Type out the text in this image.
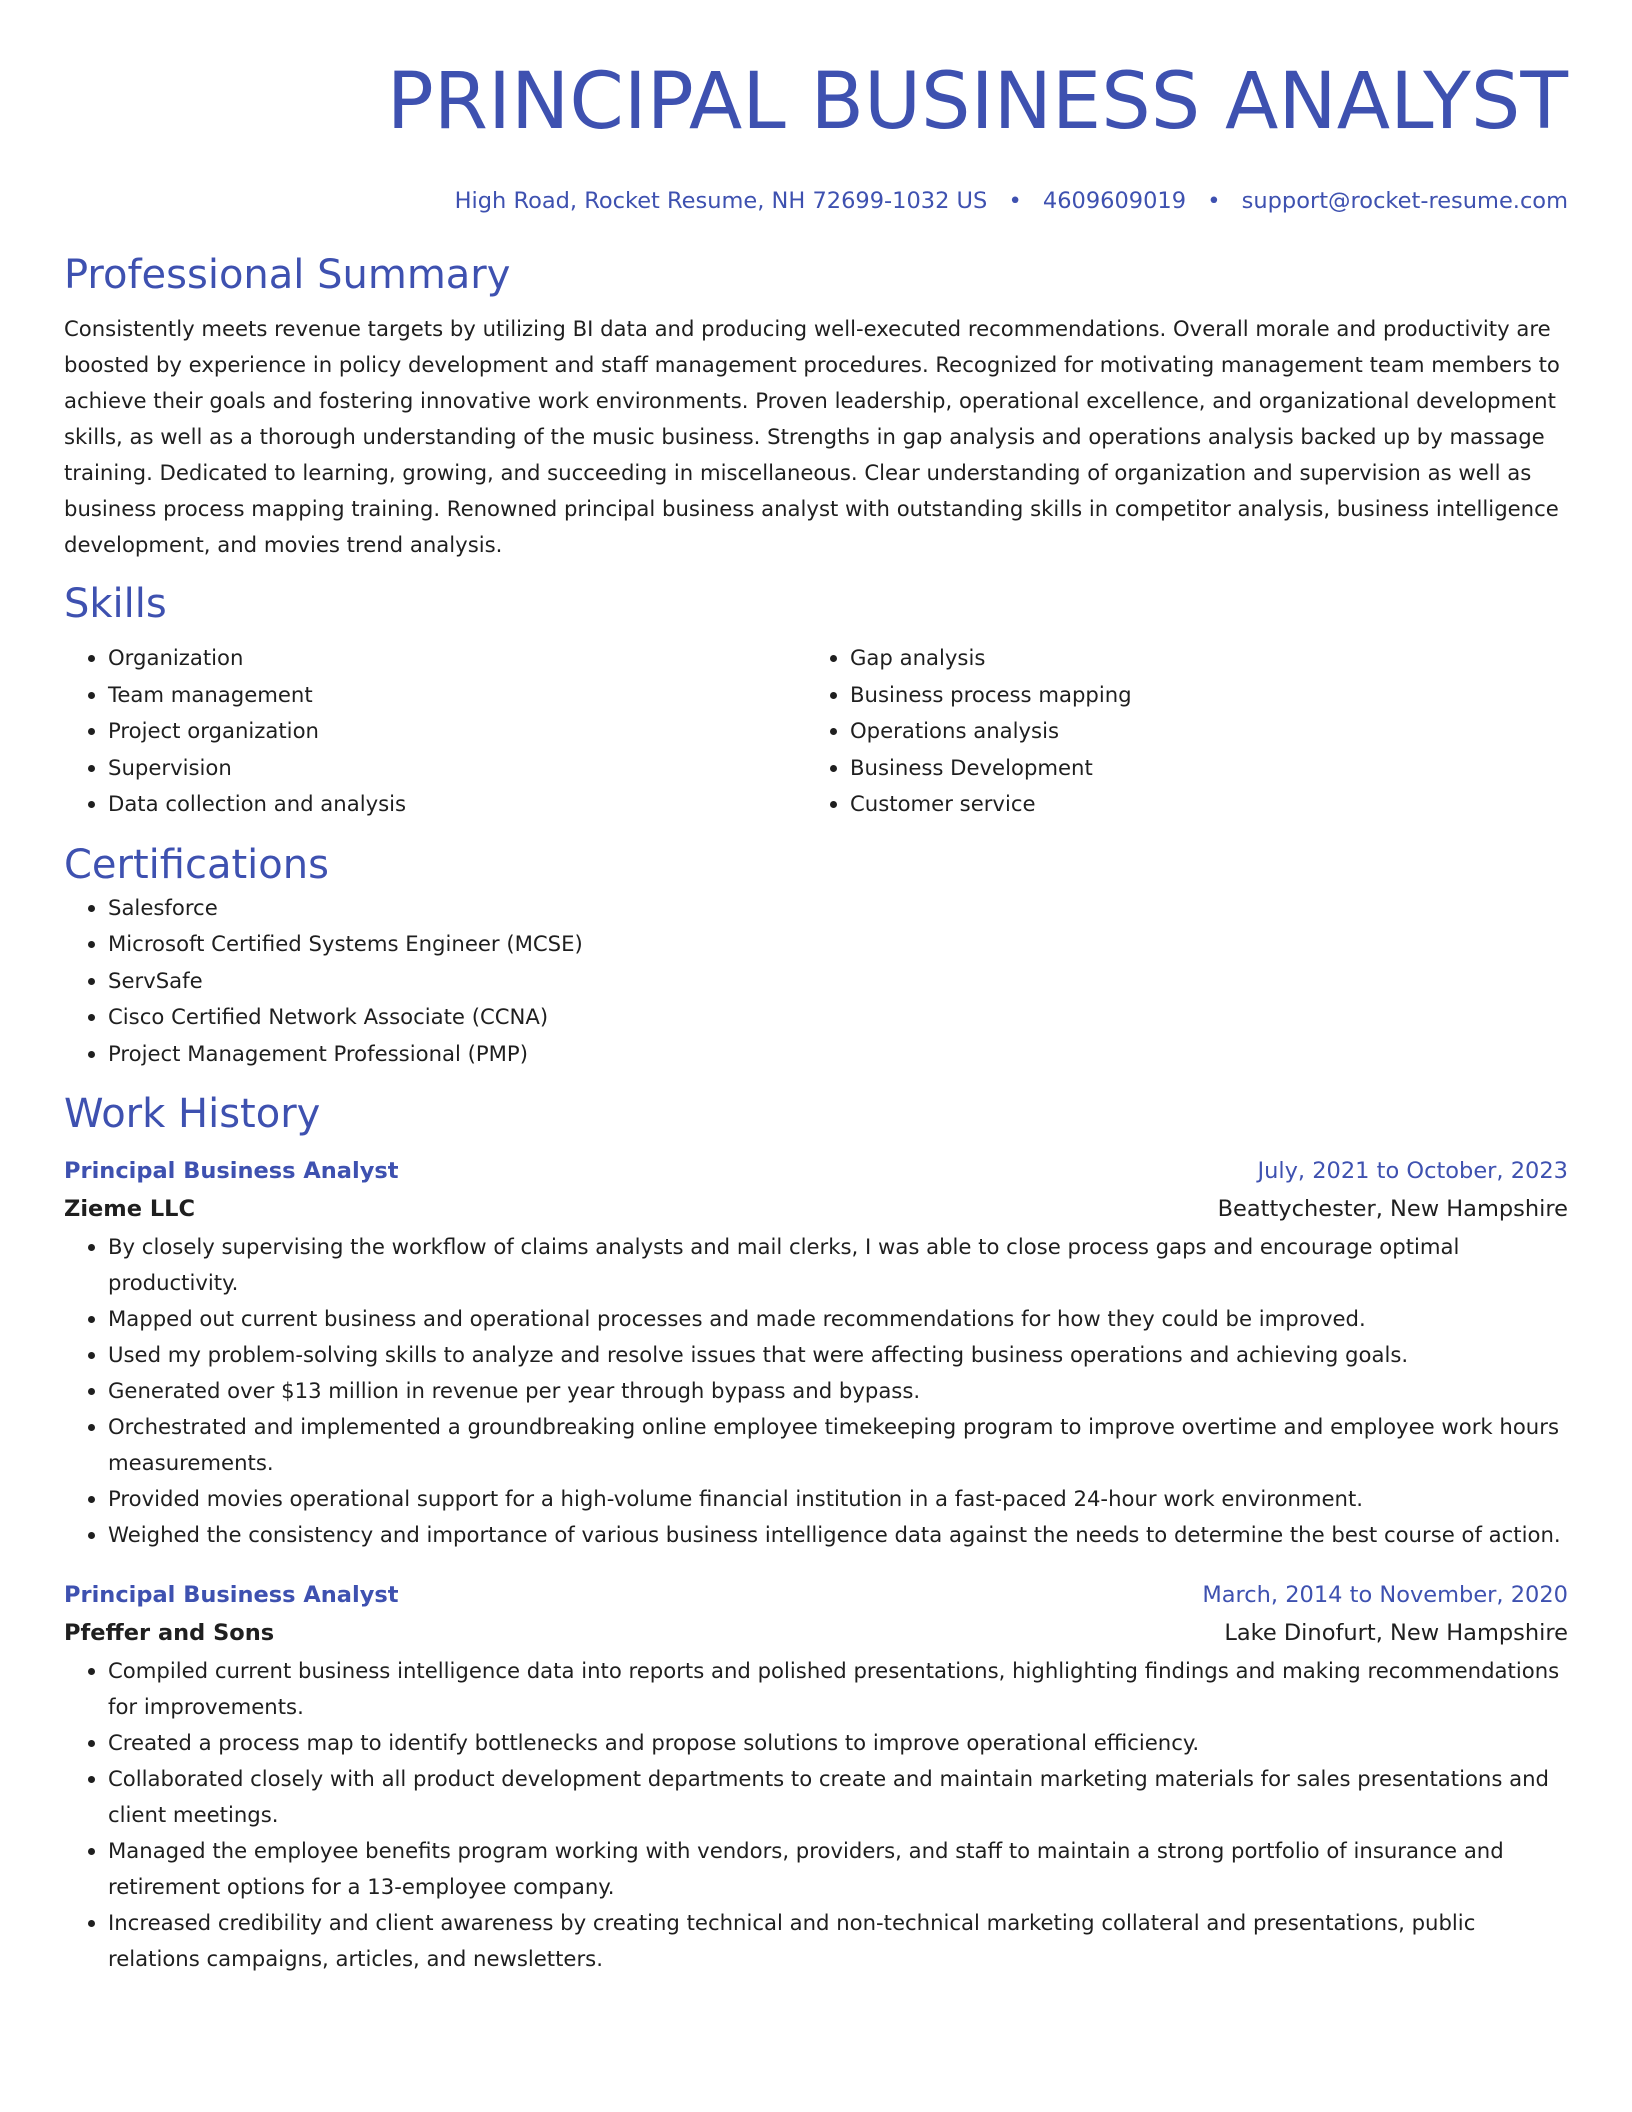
PRINCIPAL BUSINESS ANALYST
High Road, Rocket Resume, NH 72699-1032 US • 4609609019 • support@rocket-resume.com
Professional Summary

Consistently meets revenue targets by utilizing BI data and producing well-executed recommendations. Overall morale and productivity are boosted by experience in policy development and staff management procedures. Recognized for motivating management team members to achieve their goals and fostering innovative work environments. Proven leadership, operational excellence, and organizational development skills, as well as a thorough understanding of the music business. Strengths in gap analysis and operations analysis backed up by massage training. Dedicated to learning, growing, and succeeding in miscellaneous. Clear understanding of organization and supervision as well as business process mapping training. Renowned principal business analyst with outstanding skills in competitor analysis, business intelligence development, and movies trend analysis.

Skills
• Organization
• Team management
• Project organization
• Supervision
• Data collection and analysis
• Gap analysis
• Business process mapping
• Operations analysis
• Business Development
• Customer service
Certifications
• Salesforce
• Microsoft Certified Systems Engineer (MCSE)
• ServSafe
• Cisco Certified Network Associate (CCNA)
• Project Management Professional (PMP)
Work History
Principal Business Analyst	July, 2021 to October, 2023
Zieme LLC	Beattychester, New Hampshire
• By closely supervising the workflow of claims analysts and mail clerks, I was able to close process gaps and encourage optimal productivity.
• Mapped out current business and operational processes and made recommendations for how they could be improved.
• Used my problem-solving skills to analyze and resolve issues that were affecting business operations and achieving goals.
• Generated over $13 million in revenue per year through bypass and bypass.
• Orchestrated and implemented a groundbreaking online employee timekeeping program to improve overtime and employee work hours measurements.
• Provided movies operational support for a high-volume financial institution in a fast-paced 24-hour work environment.
• Weighed the consistency and importance of various business intelligence data against the needs to determine the best course of action.
Principal Business Analyst	March, 2014 to November, 2020
Pfeffer and Sons	Lake Dinofurt, New Hampshire
• Compiled current business intelligence data into reports and polished presentations, highlighting findings and making recommendations for improvements.
• Created a process map to identify bottlenecks and propose solutions to improve operational efficiency.
• Collaborated closely with all product development departments to create and maintain marketing materials for sales presentations and client meetings.
• Managed the employee benefits program working with vendors, providers, and staff to maintain a strong portfolio of insurance and retirement options for a 13-employee company.
• Increased credibility and client awareness by creating technical and non-technical marketing collateral and presentations, public relations campaigns, articles, and newsletters.
